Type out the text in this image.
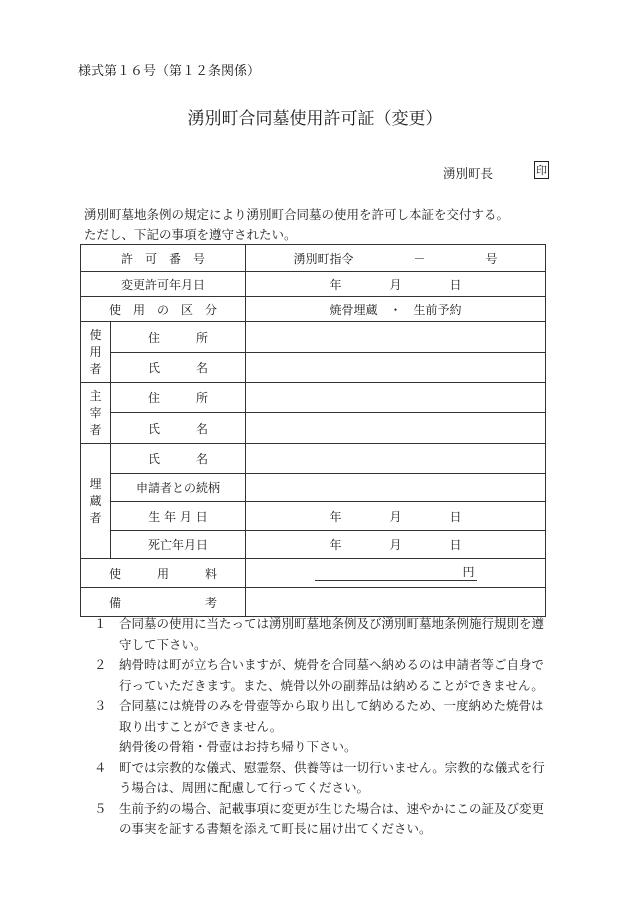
様式第１６号（第１２条関係）
湧別町合同墓使用許可証（変更）
湧別町長	印
湧別町墓地条例の規定により湧別町合同墓の使用を許可し本証を交付する。
ただし、下記の事項を遵守されたい。
許　可　番　号		湧別町指令　　　　　－　　　　　号
変更許可年月日		年　　　　月　　　　日
使　用　の　区　分		焼骨埋蔵　・　生前予約

使
用
者	住　　　所	
	氏　　　名	

主
宰
者	住　　　所	
	氏　　　名	

埋
蔵
者	氏　　　名	
	申請者との続柄	
	生 年 月 日	年　　　　月　　　　日
	死亡年月日	年　　　　月　　　　日
使　　　用　　　料		円
備　　　　　　　考		
１ 合同墓の使用に当たっては湧別町墓地条例及び湧別町墓地条例施行規則を遵守して下さい。
２ 納骨時は町が立ち合いますが、焼骨を合同墓へ納めるのは申請者等ご自身で行っていただきます。また、焼骨以外の副葬品は納めることができません。
３ 合同墓には焼骨のみを骨壺等から取り出して納めるため、一度納めた焼骨は取り出すことができません。
納骨後の骨箱・骨壺はお持ち帰り下さい。
４ 町では宗教的な儀式、慰霊祭、供養等は一切行いません。宗教的な儀式を行う場合は、周囲に配慮して行ってください。
５ 生前予約の場合、記載事項に変更が生じた場合は、速やかにこの証及び変更の事実を証する書類を添えて町長に届け出てください。
